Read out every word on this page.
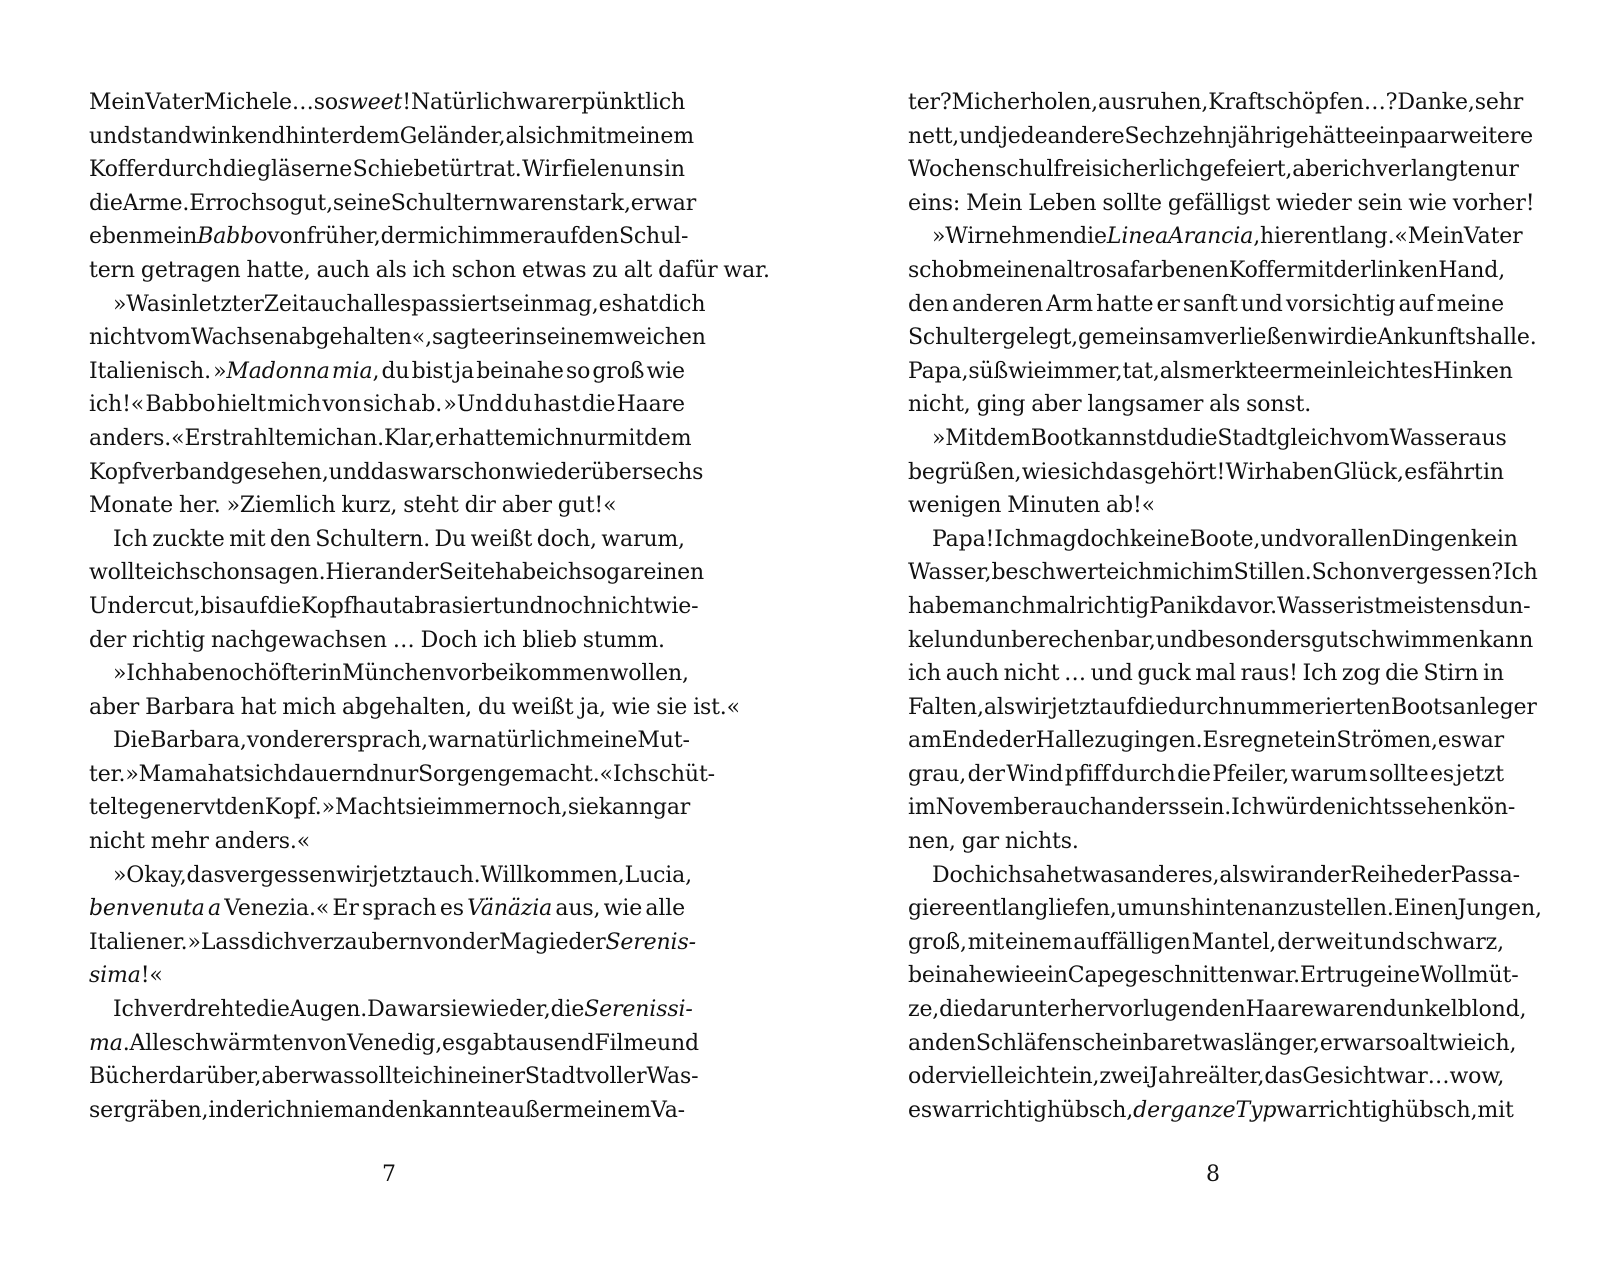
Mein Vater Michele … so sweet! Natürlich war er pünktlich
und stand winkend hinter dem Geländer, als ich mit meinem
Koffer durch die gläserne Schiebetür trat. Wir fielen uns in
die Arme. Er roch so gut, seine Schultern waren stark, er war
eben mein Babbo von früher, der mich immer auf den Schul-
tern getragen hatte, auch als ich schon etwas zu alt dafür war.
»Was in letzter Zeit auch alles passiert sein mag, es hat dich
nicht vom Wachsen abgehalten«, sagte er in seinem weichen
Italienisch. »Madonna mia, du bist ja beinahe so groß wie
ich!« Babbo hielt mich von sich ab. »Und du hast die Haare
anders.« Er strahlte mich an. Klar, er hatte mich nur mit dem
Kopfverband gesehen, und das war schon wieder über sechs
Monate her. »Ziemlich kurz, steht dir aber gut!«
Ich zuckte mit den Schultern. Du weißt doch, warum,
wollte ich schon sagen. Hier an der Seite habe ich sogar einen
Undercut, bis auf die Kopfhaut abrasiert und noch nicht wie-
der richtig nachgewachsen … Doch ich blieb stumm.
»Ich habe noch öfter in München vorbeikommen wollen,
aber Barbara hat mich abgehalten, du weißt ja, wie sie ist.«
Die Barbara, von der er sprach, war natürlich meine Mut-
ter. »Mama hat sich dauernd nur Sorgen gemacht.« Ich schüt-
telte genervt den Kopf. »Macht sie immer noch, sie kann gar
nicht mehr anders.«
»Okay, das vergessen wir jetzt auch. Willkommen, Lucia,
benvenuta a Venezia.« Er sprach es Vänäzia aus, wie alle
Italiener. »Lass dich verzaubern von der Magie der Serenis-
sima!«
Ich verdrehte die Augen. Da war sie wieder, die Serenissi-
ma. Alle schwärmten von Venedig, es gab tausend Filme und
Bücher darüber, aber was sollte ich in einer Stadt voller Was-
sergräben, in der ich niemanden kannte außer meinem Va-
7
ter? Mich erholen, ausruhen, Kraft schöpfen …? Danke, sehr
nett, und jede andere Sechzehnjährige hätte ein paar weitere
Wochen schulfrei sicherlich gefeiert, aber ich verlangte nur
eins: Mein Leben sollte gefälligst wieder sein wie vorher!
»Wir nehmen die Linea Arancia, hier entlang.« Mein Vater
schob meinen altrosafarbenen Koffer mit der linken Hand,
den anderen Arm hatte er sanft und vorsichtig auf meine
Schulter gelegt, gemeinsam verließen wir die Ankunftshalle.
Papa, süß wie immer, tat, als merkte er mein leichtes Hinken
nicht, ging aber langsamer als sonst.
»Mit dem Boot kannst du die Stadt gleich vom Wasser aus
begrüßen, wie sich das gehört! Wir haben Glück, es fährt in
wenigen Minuten ab!«
Papa! Ich mag doch keine Boote, und vor allen Dingen kein
Wasser, beschwerte ich mich im Stillen. Schon vergessen? Ich
habe manchmal richtig Panik davor. Wasser ist meistens dun-
kel und unberechenbar, und besonders gut schwimmen kann
ich auch nicht … und guck mal raus! Ich zog die Stirn in
Falten, als wir jetzt auf die durchnummerierten Bootsanleger
am Ende der Halle zugingen. Es regnete in Strömen, es war
grau, der Wind pfiff durch die Pfeiler, warum sollte es jetzt
im November auch anders sein. Ich würde nichts sehen kön-
nen, gar nichts.
Doch ich sah etwas anderes, als wir an der Reihe der Passa-
giere entlangliefen, um uns hinten anzustellen. Einen Jungen,
groß, mit einem auffälligen Mantel, der weit und schwarz,
beinahe wie ein Cape geschnitten war. Er trug eine Wollmüt-
ze, die darunter hervorlugenden Haare waren dunkelblond,
an den Schläfen scheinbar etwas länger, er war so alt wie ich,
oder vielleicht ein, zwei Jahre älter, das Gesicht war … wow,
es war richtig hübsch, der ganze Typ war richtig hübsch, mit
8
